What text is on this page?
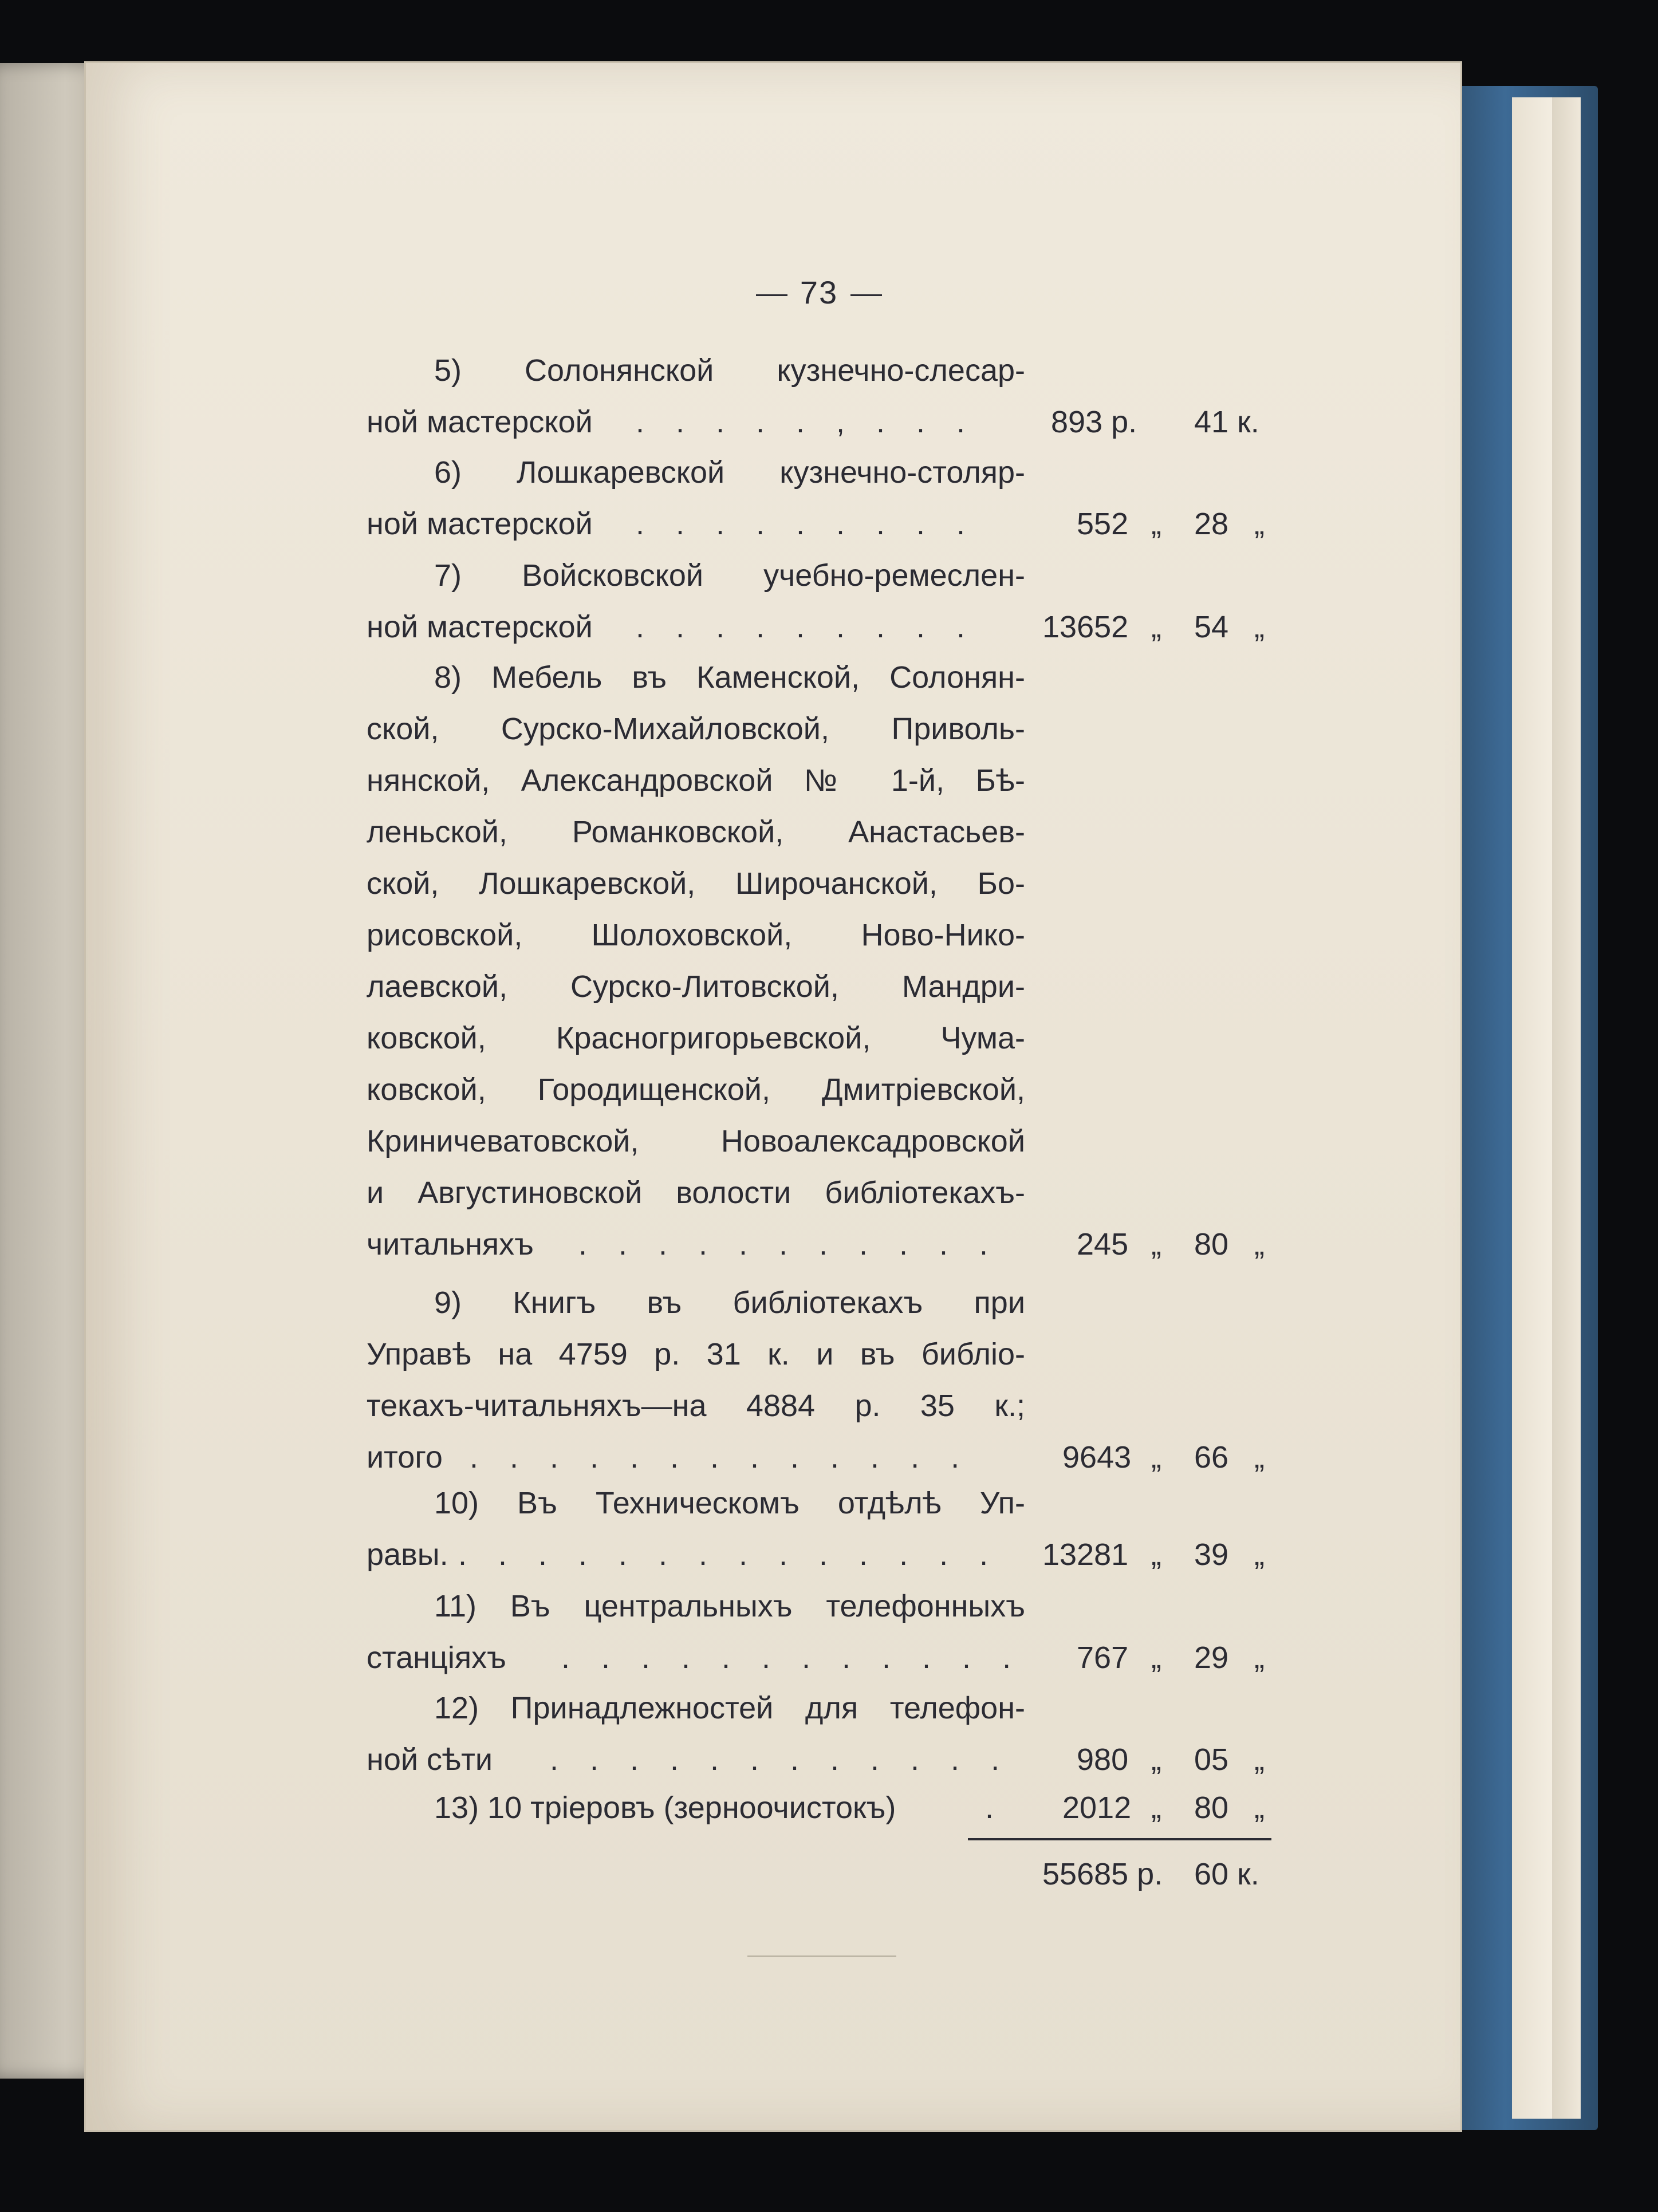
73
5) Солонянской кузнечно-слесар-
ной мастерской . . . . . , . . .	893 р. 41 к.
6) Лошкаревской кузнечно-столяр-
ной мастерской . . . . . . . . .	552 „ 28 „
7) Войсковской учебно-ремеслен-
ной мастерской . . . . . . . . .	13652 „ 54 „
8) Мебель въ Каменской, Солонян-
ской, Сурско-Михайловской, Приволь-
нянской, Александровской № 1-й, Бѣ-
леньской, Романковской, Анастасьев-
ской, Лошкаревской, Широчанской, Бо-
рисовской, Шолоховской, Ново-Нико-
лаевской, Сурско-Литовской, Мандри-
ковской, Красногригорьевской, Чума-
ковской, Городищенской, Дмитріевской,
Криничеватовской, Новоалексадровской
и Августиновской волости библіотекахъ-
читальняхъ . . . . . . . . . . .	245 „ 80 „
9) Книгъ въ библіотекахъ при
Управѣ на 4759 р. 31 к. и въ библіо-
текахъ-читальняхъ—на 4884 р. 35 к.;
итого . . . . . . . . . . . . .	9643 „ 66 „
10) Въ Техническомъ отдѣлѣ Уп-
равы. . . . . . . . . . . . . . .	13281 „ 39 „
11) Въ центральныхъ телефонныхъ
станціяхъ . . . . . . . . . . . .	767 „ 29 „
12) Принадлежностей для телефон-
ной сѣти . . . . . . . . . . . .	980 „ 05 „
13) 10 тріеровъ (зерноочистокъ)	.	2012 „ 80 „
55685 р. 60 к.
